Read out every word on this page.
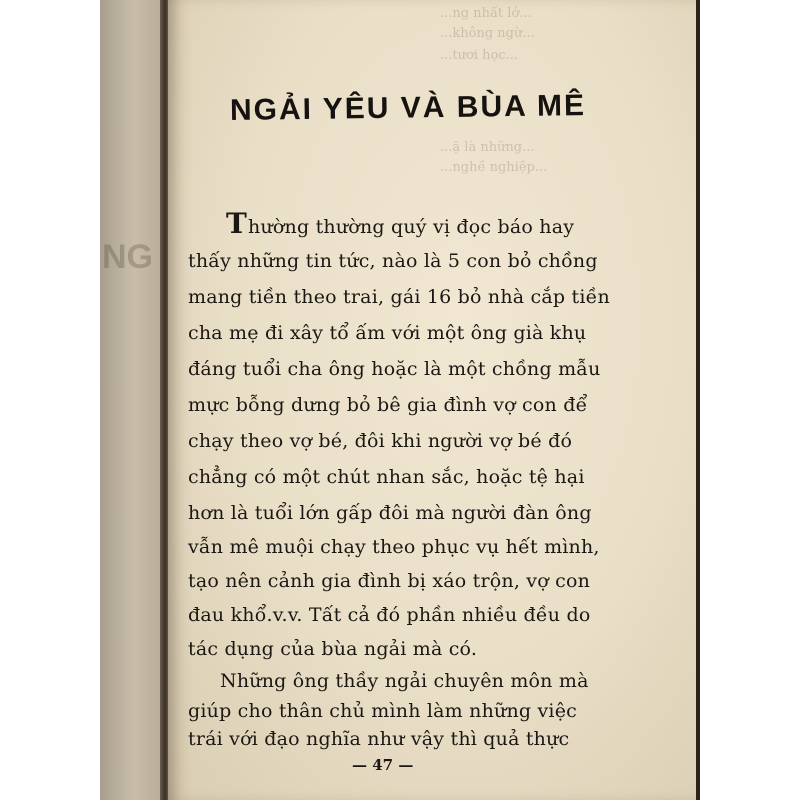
NG
...ng nhất lớ...
...không ngừ...
...tươi học...
...ặ là những...
...nghề nghiệp...
NGẢI YÊU VÀ BÙA MÊ
Thường thường quý vị đọc báo hay
thấy những tin tức, nào là 5 con bỏ chồng
mang tiền theo trai, gái 16 bỏ nhà cắp tiền
cha mẹ đi xây tổ ấm với một ông già khụ
đáng tuổi cha ông hoặc là một chồng mẫu
mực bỗng dưng bỏ bê gia đình vợ con để
chạy theo vợ bé, đôi khi người vợ bé đó
chẳng có một chút nhan sắc, hoặc tệ hại
hơn là tuổi lớn gấp đôi mà người đàn ông
vẫn mê muội chạy theo phục vụ hết mình,
tạo nên cảnh gia đình bị xáo trộn, vợ con
đau khổ.v.v. Tất cả đó phần nhiều đều do
tác dụng của bùa ngải mà có.
Những ông thầy ngải chuyên môn mà
giúp cho thân chủ mình làm những việc
trái với đạo nghĩa như vậy thì quả thực
— 47 —
